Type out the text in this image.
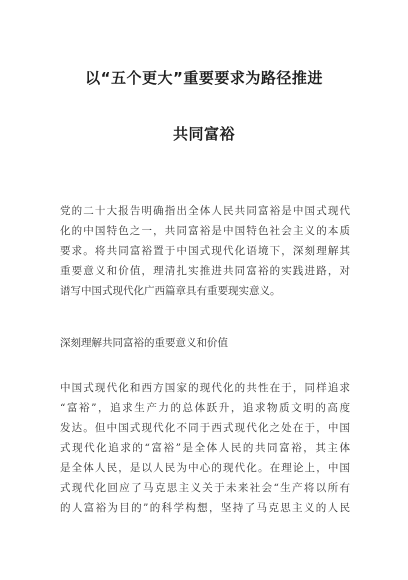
以“五个更大”重要要求为路径推进
共同富裕
党的二十大报告明确指出全体人民共同富裕是中国式现代
化的中国特色之一，共同富裕是中国特色社会主义的本质
要求。将共同富裕置于中国式现代化语境下，深刻理解其
重要意义和价值，理清扎实推进共同富裕的实践进路，对
谱写中国式现代化广西篇章具有重要现实意义。
深刻理解共同富裕的重要意义和价值
中国式现代化和西方国家的现代化的共性在于，同样追求
“富裕”，追求生产力的总体跃升，追求物质文明的高度
发达。但中国式现代化不同于西式现代化之处在于，中国
式现代化追求的“富裕”是全体人民的共同富裕，其主体
是全体人民，是以人民为中心的现代化。在理论上，中国
式现代化回应了马克思主义关于未来社会“生产将以所有
的人富裕为目的”的科学构想，坚持了马克思主义的人民
